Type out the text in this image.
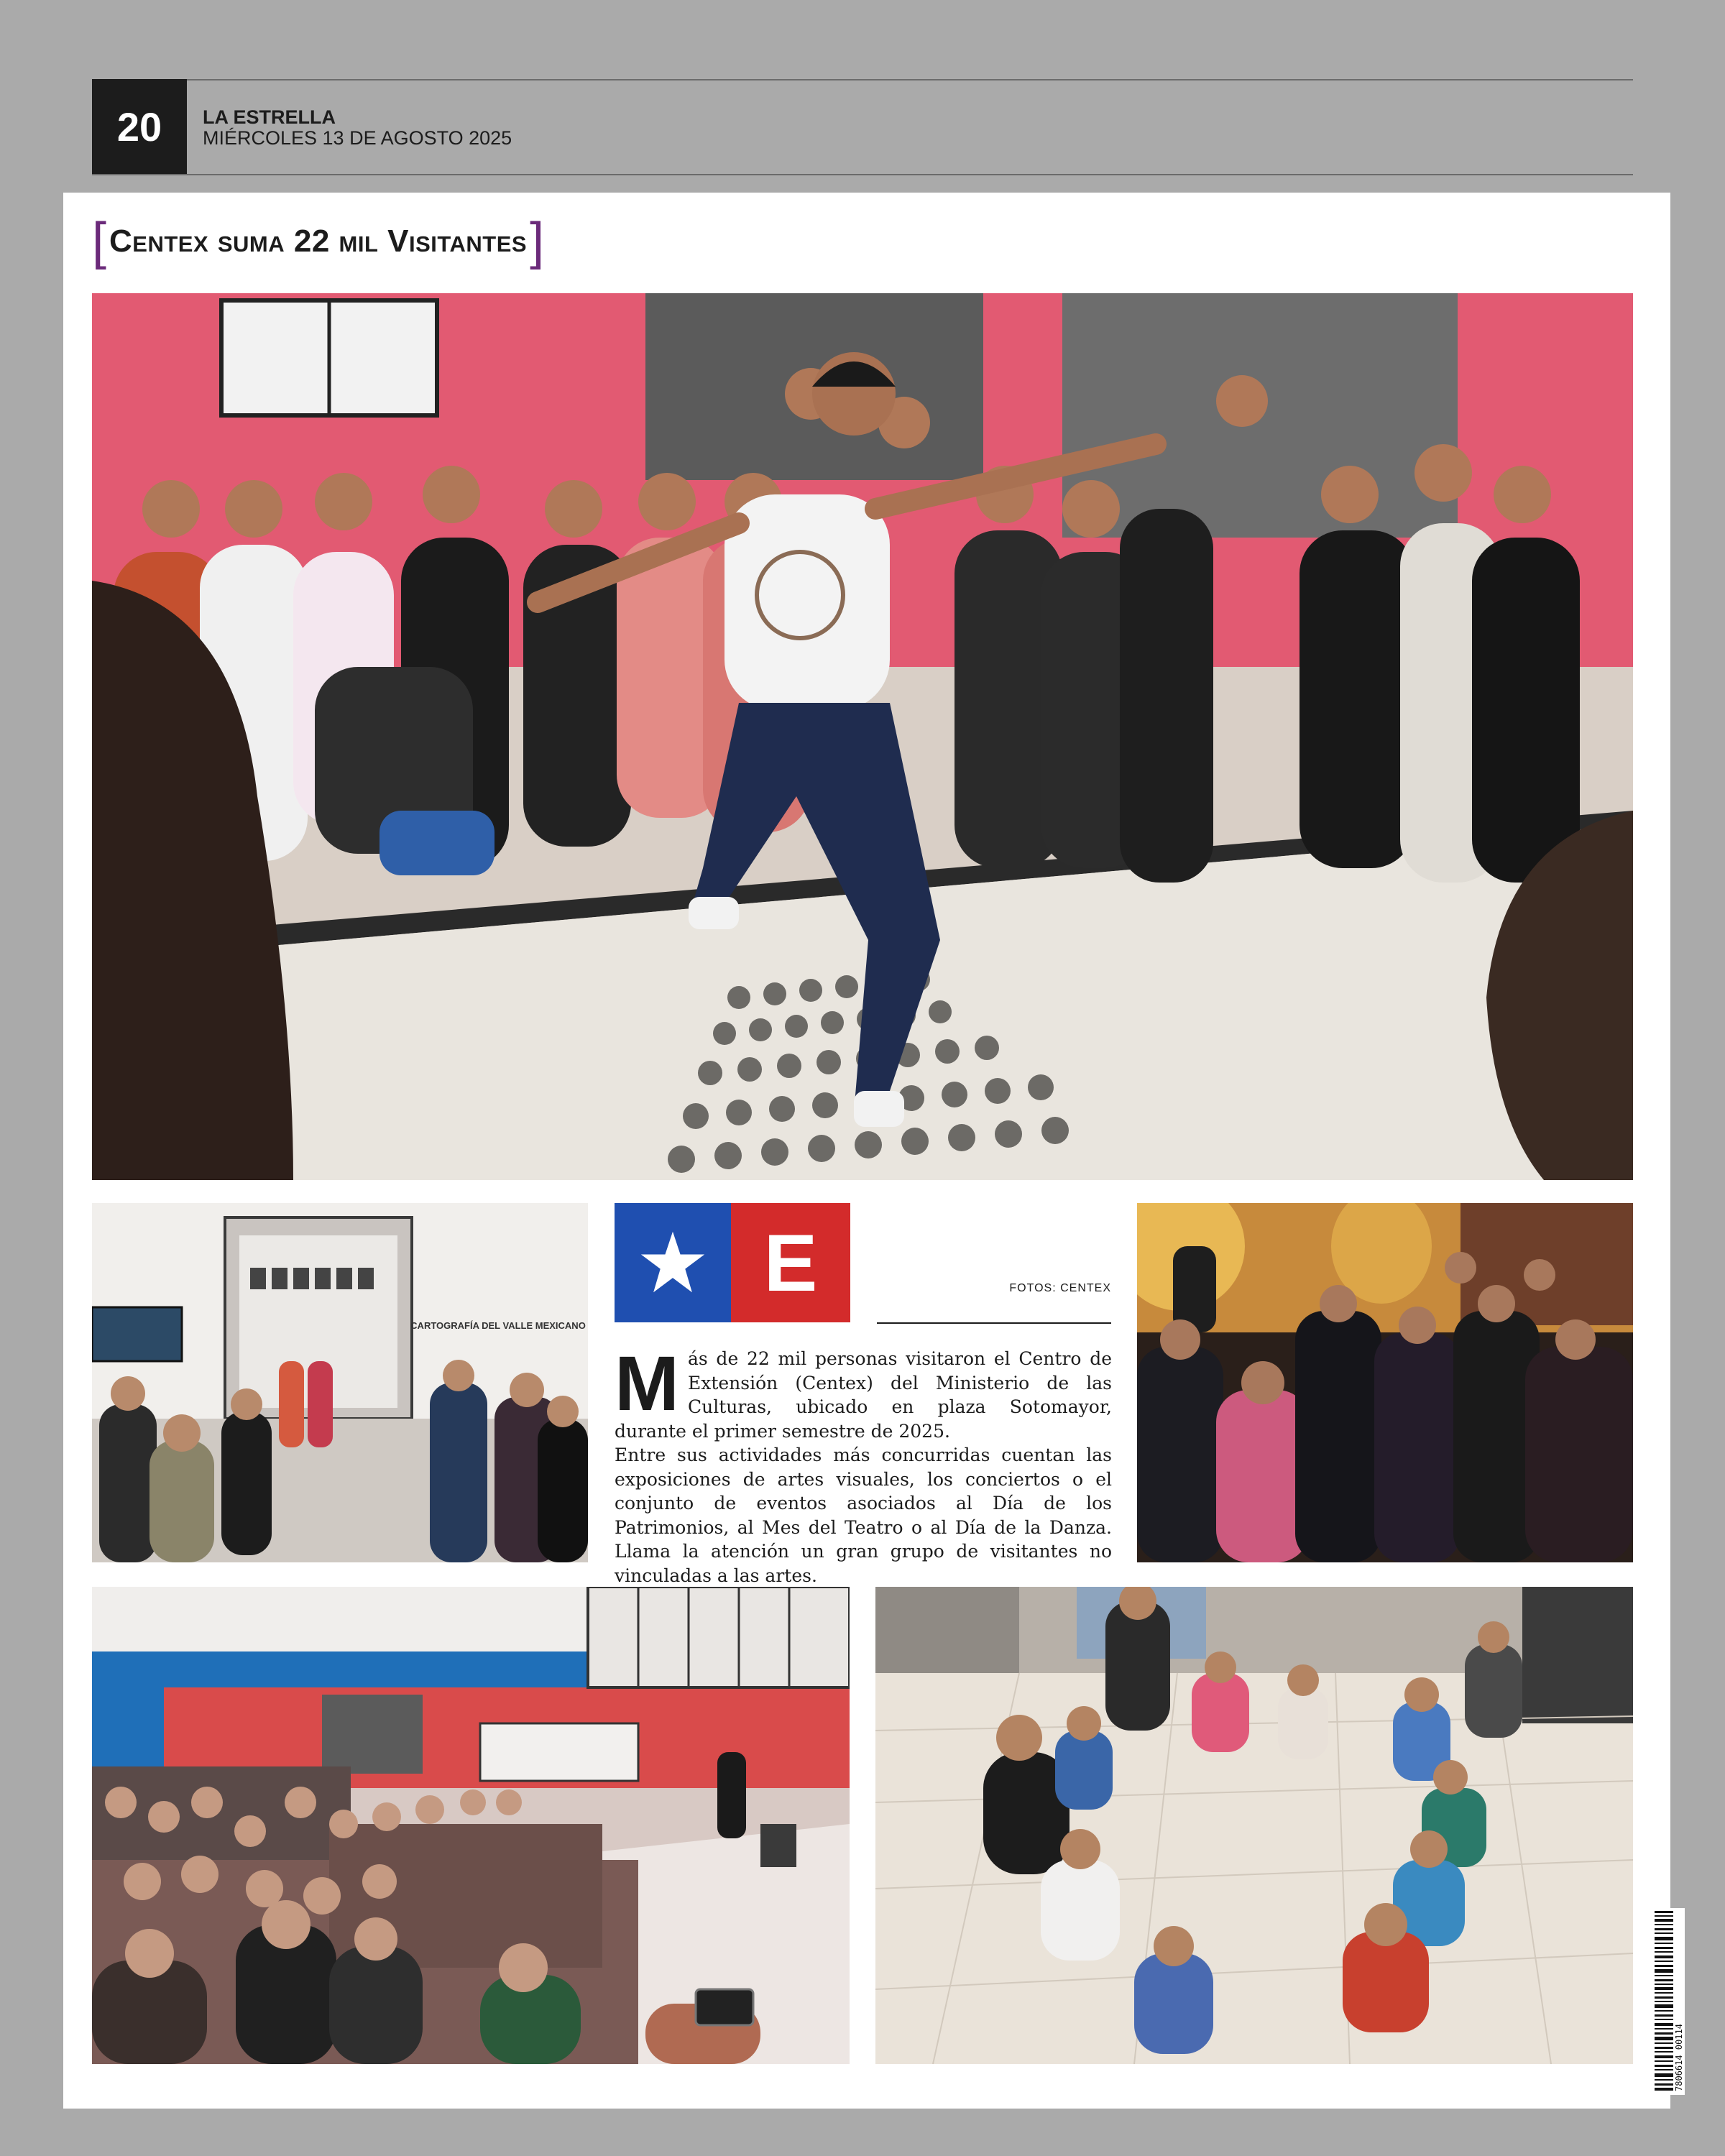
20	LA ESTRELLA
MIÉRCOLES 13 DE AGOSTO 2025
[ Centex suma 22 mil Visitantes ]
CARTOGRAFÍA DEL VALLE MEXICANO
E	FOTOS: CENTEX

Más de 22 mil personas visitaron el Centro de Extensión (Centex) del Ministerio de las Culturas, ubicado en plaza Sotomayor, durante el primer semestre de 2025.

Entre sus actividades más concurridas cuentan las exposiciones de artes visuales, los conciertos o el conjunto de eventos asociados al Día de los Patrimonios, al Mes del Teatro o al Día de la Danza. Llama la atención un gran grupo de visitantes no vinculadas a las artes.

7806614 00114
